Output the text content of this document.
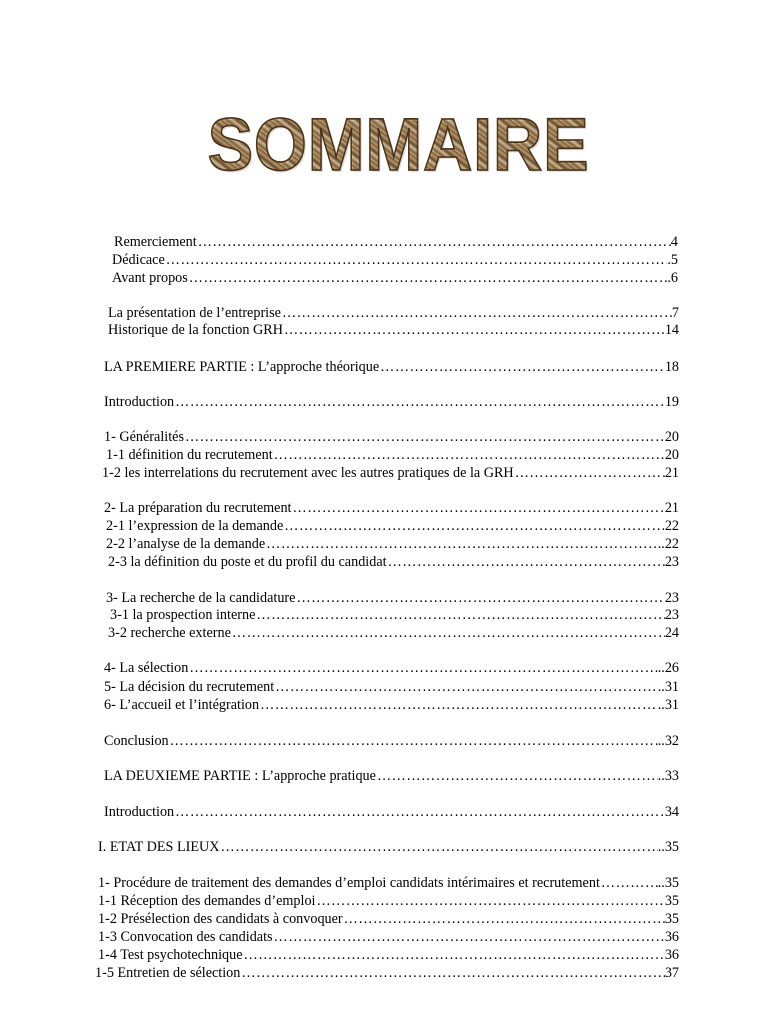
SOMMAIRE
Remerciement ……………………………………………………………………………………………………………………………………………………………………………………………………	4
Dédicace ……………………………………………………………………………………………………………………………………………………………………………………………………	.5
Avant propos ……………………………………………………………………………………………………………………………………………………………………………………………………	.6
La présentation de l’entreprise ……………………………………………………………………………………………………………………………………………………………………………………………………	7
Historique de la fonction GRH ……………………………………………………………………………………………………………………………………………………………………………………………………	14
LA PREMIERE PARTIE : L’approche théorique ……………………………………………………………………………………………………………………………………………………………………………………………………	18
Introduction ……………………………………………………………………………………………………………………………………………………………………………………………………	19
1- Généralités ……………………………………………………………………………………………………………………………………………………………………………………………………	20
1-1 définition du recrutement ……………………………………………………………………………………………………………………………………………………………………………………………………	20
1-2 les interrelations du recrutement avec les autres pratiques de la GRH ……………………………………………………………………………………………………………………………………………………………………………………………………	21
2- La préparation du recrutement ……………………………………………………………………………………………………………………………………………………………………………………………………	21
2-1 l’expression de la demande ……………………………………………………………………………………………………………………………………………………………………………………………………	22
2-2 l’analyse de la demande ……………………………………………………………………………………………………………………………………………………………………………………………………	..22
2-3 la définition du poste et du profil du candidat ……………………………………………………………………………………………………………………………………………………………………………………………………	23
3- La recherche de la candidature ……………………………………………………………………………………………………………………………………………………………………………………………………	23
3-1 la prospection interne ……………………………………………………………………………………………………………………………………………………………………………………………………	23
3-2 recherche externe ……………………………………………………………………………………………………………………………………………………………………………………………………	24
4- La sélection ……………………………………………………………………………………………………………………………………………………………………………………………………	..26
5- La décision du recrutement ……………………………………………………………………………………………………………………………………………………………………………………………………	..31
6- L’accueil et l’intégration ……………………………………………………………………………………………………………………………………………………………………………………………………	..31
Conclusion ……………………………………………………………………………………………………………………………………………………………………………………………………	..32
LA DEUXIEME PARTIE : L’approche pratique ……………………………………………………………………………………………………………………………………………………………………………………………………	..33
Introduction ……………………………………………………………………………………………………………………………………………………………………………………………………	34
I. ETAT DES LIEUX ……………………………………………………………………………………………………………………………………………………………………………………………………	..35
1- Procédure de traitement des demandes d’emploi candidats intérimaires et recrutement ……………………………………………………………………………………………………………………………………………………………………………………………………	..35
1-1 Réception des demandes d’emploi ……………………………………………………………………………………………………………………………………………………………………………………………………	35
1-2 Présélection des candidats à convoquer ……………………………………………………………………………………………………………………………………………………………………………………………………	35
1-3 Convocation des candidats ……………………………………………………………………………………………………………………………………………………………………………………………………	36
1-4 Test psychotechnique ……………………………………………………………………………………………………………………………………………………………………………………………………	36
1-5 Entretien de sélection ……………………………………………………………………………………………………………………………………………………………………………………………………	37
